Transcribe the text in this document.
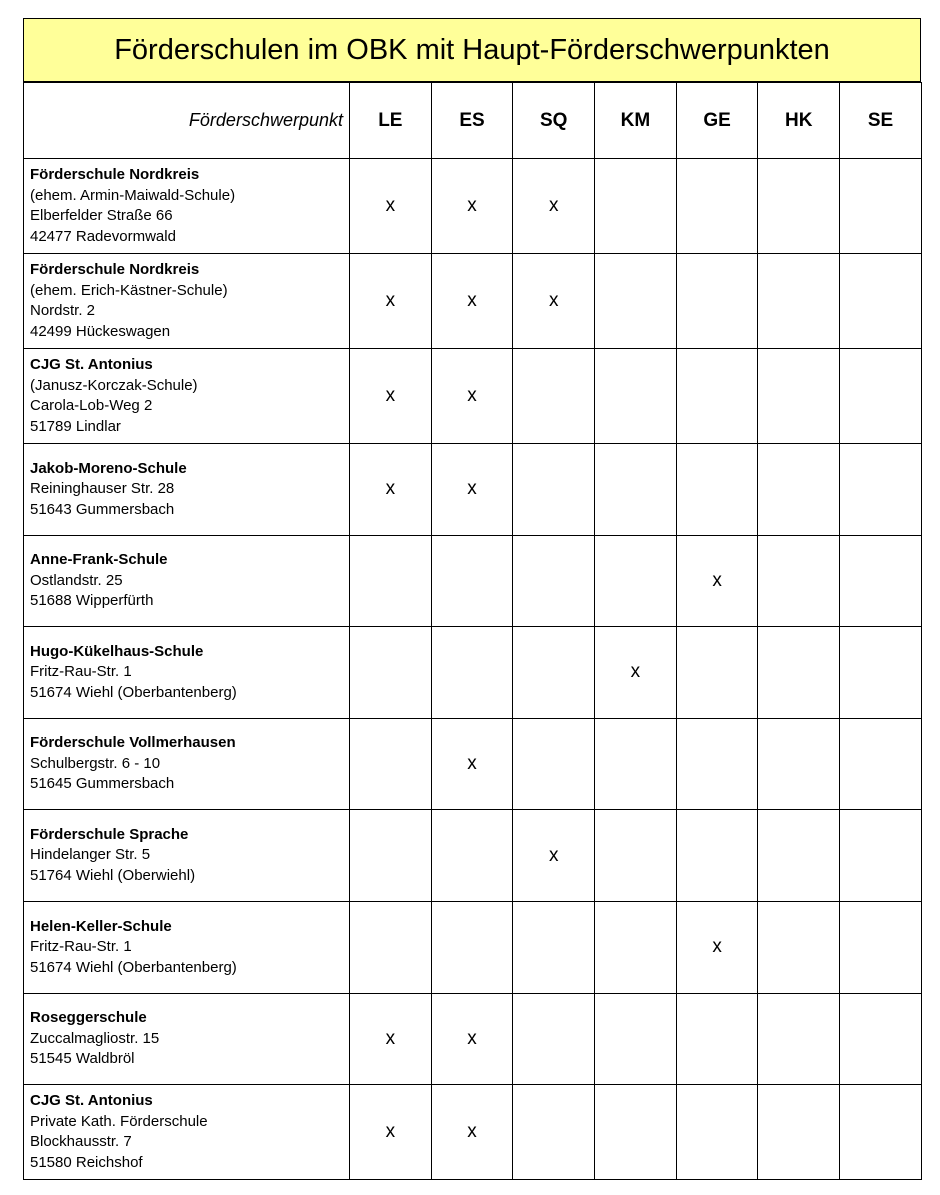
Förderschulen im OBK mit Haupt-Förderschwerpunkten
Förderschwerpunkt	LE	ES	SQ	KM	GE	HK	SE

Förderschule Nordkreis
(ehem. Armin-Maiwald-Schule)
Elberfelder Straße 66
42477 Radevormwald	x	x	x				

Förderschule Nordkreis
(ehem. Erich-Kästner-Schule)
Nordstr. 2
42499 Hückeswagen	x	x	x				

CJG St. Antonius
(Janusz-Korczak-Schule)
Carola-Lob-Weg 2
51789 Lindlar	x	x					

Jakob-Moreno-Schule
Reininghauser Str. 28
51643 Gummersbach	x	x					

Anne-Frank-Schule
Ostlandstr. 25
51688 Wipperfürth					x		

Hugo-Kükelhaus-Schule
Fritz-Rau-Str. 1
51674 Wiehl (Oberbantenberg)				x			

Förderschule Vollmerhausen
Schulbergstr. 6 - 10
51645 Gummersbach		x					

Förderschule Sprache
Hindelanger Str. 5
51764 Wiehl (Oberwiehl)			x				

Helen-Keller-Schule
Fritz-Rau-Str. 1
51674 Wiehl (Oberbantenberg)					x		

Roseggerschule
Zuccalmagliostr. 15
51545 Waldbröl	x	x					

CJG St. Antonius
Private Kath. Förderschule
Blockhausstr. 7
51580 Reichshof	x	x					
